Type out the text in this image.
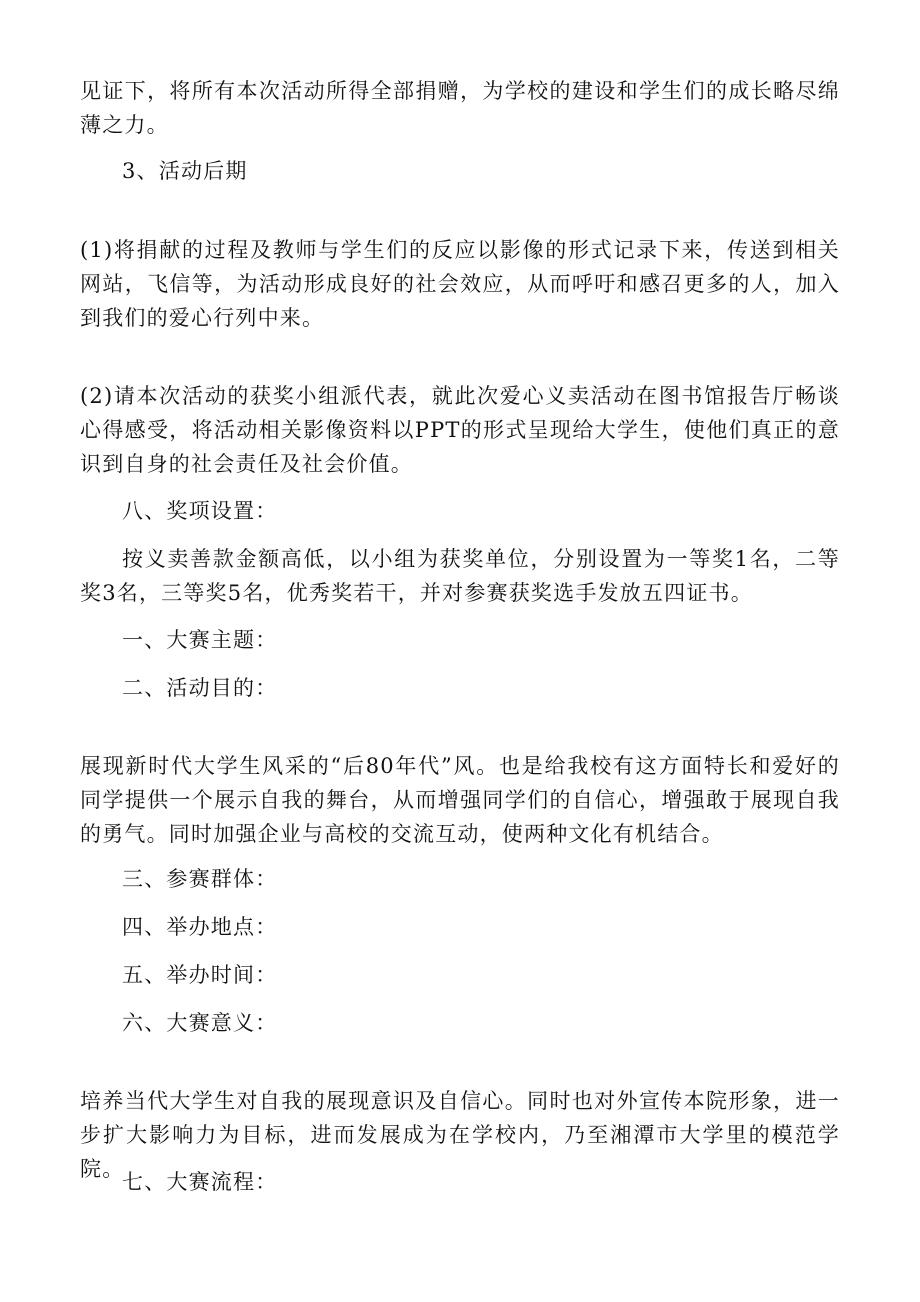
见证下，将所有本次活动所得全部捐赠，为学校的建设和学生们的成长略尽绵薄之力。

3、活动后期

(1)将捐献的过程及教师与学生们的反应以影像的形式记录下来，传送到相关网站，飞信等，为活动形成良好的社会效应，从而呼吁和感召更多的人，加入到我们的爱心行列中来。

(2)请本次活动的获奖小组派代表，就此次爱心义卖活动在图书馆报告厅畅谈心得感受，将活动相关影像资料以PPT的形式呈现给大学生，使他们真正的意识到自身的社会责任及社会价值。

八、奖项设置：

按义卖善款金额高低，以小组为获奖单位，分别设置为一等奖1名，二等奖3名，三等奖5名，优秀奖若干，并对参赛获奖选手发放五四证书。

一、大赛主题：

二、活动目的：

展现新时代大学生风采的“后80年代”风。也是给我校有这方面特长和爱好的同学提供一个展示自我的舞台，从而增强同学们的自信心，增强敢于展现自我的勇气。同时加强企业与高校的交流互动，使两种文化有机结合。

三、参赛群体：

四、举办地点：

五、举办时间：

六、大赛意义：

培养当代大学生对自我的展现意识及自信心。同时也对外宣传本院形象，进一步扩大影响力为目标，进而发展成为在学校内，乃至湘潭市大学里的模范学院。

七、大赛流程：
